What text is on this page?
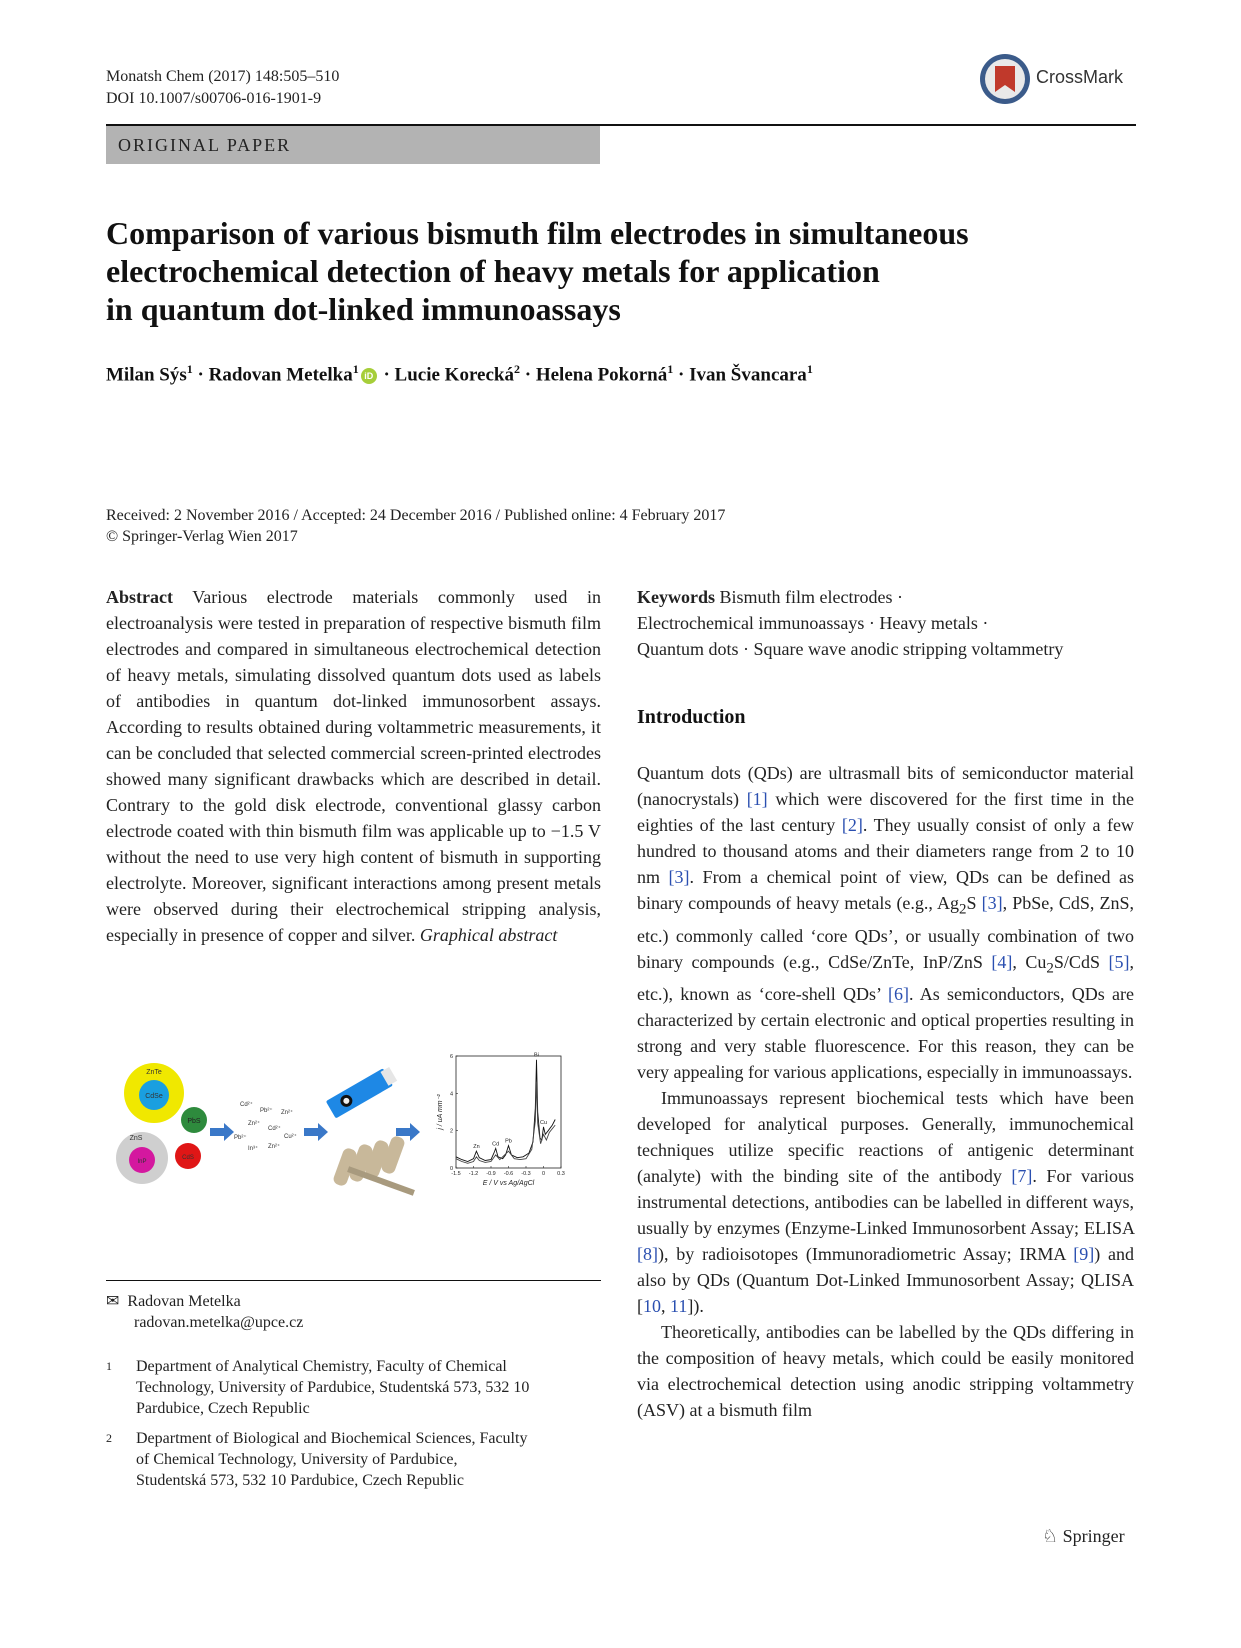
Monatsh Chem (2017) 148:505–510
DOI 10.1007/s00706-016-1901-9
CrossMark
ORIGINAL PAPER
Comparison of various bismuth film electrodes in simultaneous
electrochemical detection of heavy metals for application
in quantum dot-linked immunoassays
Milan Sýs$^1$ · Radovan Metelka$^1$ iD · Lucie Korecká$^2$ · Helena Pokorná$^1$ · Ivan Švancara$^1$
Received: 2 November 2016 / Accepted: 24 December 2016 / Published online: 4 February 2017
© Springer-Verlag Wien 2017
Abstract Various electrode materials commonly used in electroanalysis were tested in preparation of respective bismuth film electrodes and compared in simultaneous electrochemical detection of heavy metals, simulating dissolved quantum dots used as labels of antibodies in quantum dot-linked immunosorbent assays. According to results obtained during voltammetric measurements, it can be concluded that selected commercial screen-printed electrodes showed many significant drawbacks which are described in detail. Contrary to the gold disk electrode, conventional glassy carbon electrode coated with thin bismuth film was applicable up to −1.5 V without the need to use very high content of bismuth in supporting electrolyte. Moreover, significant interactions among present metals were observed during their electrochemical stripping analysis, especially in presence of copper and silver. Graphical abstract
ZnTe
CdSe
PbS
ZnS
InP
CdS
Cd²⁺
Pb²⁺ Zn²⁺
Zn²⁺
Cd²⁺
Pb²⁺	Cu²⁺
In³⁺ Zn²⁺
0
2
4
6
-1.5 -1.2 -0.9 -0.6 -0.3 0 0.3
E / V vs Ag/AgCl
j / uA mm⁻²
Zn Cd Pb
Bi
Cu
✉ Radovan Metelka
radovan.metelka@upce.cz
1 Department of Analytical Chemistry, Faculty of Chemical
Technology, University of Pardubice, Studentská 573, 532 10
Pardubice, Czech Republic
2 Department of Biological and Biochemical Sciences, Faculty
of Chemical Technology, University of Pardubice,
Studentská 573, 532 10 Pardubice, Czech Republic
Keywords Bismuth film electrodes ·
Electrochemical immunoassays · Heavy metals ·
Quantum dots · Square wave anodic stripping voltammetry
Introduction

Quantum dots (QDs) are ultrasmall bits of semiconductor material (nanocrystals) [1] which were discovered for the first time in the eighties of the last century [2]. They usually consist of only a few hundred to thousand atoms and their diameters range from 2 to 10 nm [3]. From a chemical point of view, QDs can be defined as binary compounds of heavy metals (e.g., $Ag_2S$ [3], PbSe, CdS, ZnS, etc.) commonly called ‘core QDs’, or usually combination of two binary compounds (e.g., CdSe/ZnTe, InP/ZnS [4], $Cu_2S$/CdS [5], etc.), known as ‘core-shell QDs’ [6]. As semiconductors, QDs are characterized by certain electronic and optical properties resulting in strong and very stable fluorescence. For this reason, they can be very appealing for various applications, especially in immunoassays.

Immunoassays represent biochemical tests which have been developed for analytical purposes. Generally, immunochemical techniques utilize specific reactions of antigenic determinant (analyte) with the binding site of the antibody [7]. For various instrumental detections, antibodies can be labelled in different ways, usually by enzymes (Enzyme-Linked Immunosorbent Assay; ELISA [8]), by radioisotopes (Immunoradiometric Assay; IRMA [9]) and also by QDs (Quantum Dot-Linked Immunosorbent Assay; QLISA [10, 11]).

Theoretically, antibodies can be labelled by the QDs differing in the composition of heavy metals, which could be easily monitored via electrochemical detection using anodic stripping voltammetry (ASV) at a bismuth film

♘ Springer
